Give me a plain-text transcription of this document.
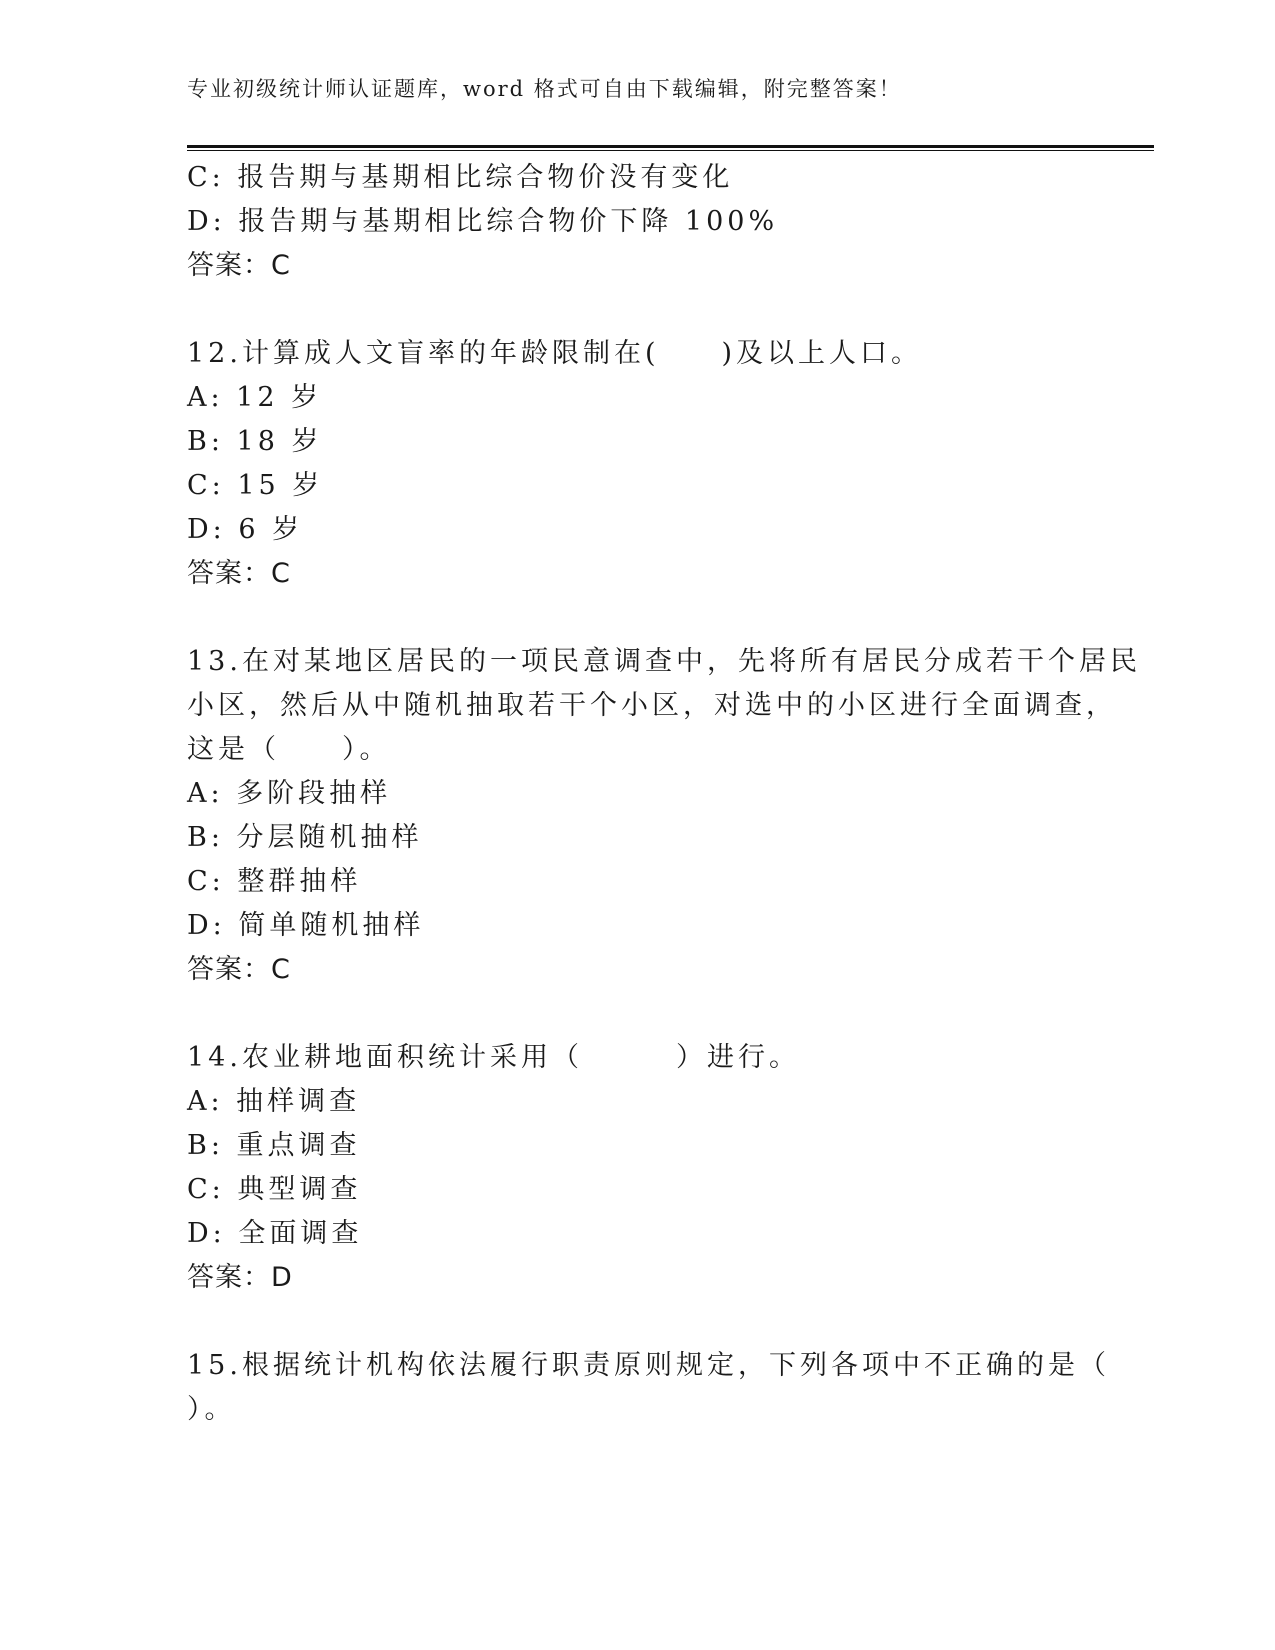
专业初级统计师认证题库，word 格式可自由下载编辑，附完整答案！
C: 报告期与基期相比综合物价没有变化
D: 报告期与基期相比综合物价下降 100%
答案：C
12.计算成人文盲率的年龄限制在(　　)及以上人口。
A: 12 岁
B: 18 岁
C: 15 岁
D: 6 岁
答案：C
13.在对某地区居民的一项民意调查中，先将所有居民分成若干个居民
小区，然后从中随机抽取若干个小区，对选中的小区进行全面调查，
这是（　　）。
A: 多阶段抽样
B: 分层随机抽样
C: 整群抽样
D: 简单随机抽样
答案：C
14.农业耕地面积统计采用（　　　）进行。
A: 抽样调查
B: 重点调查
C: 典型调查
D: 全面调查
答案：D
15.根据统计机构依法履行职责原则规定，下列各项中不正确的是（
）。
